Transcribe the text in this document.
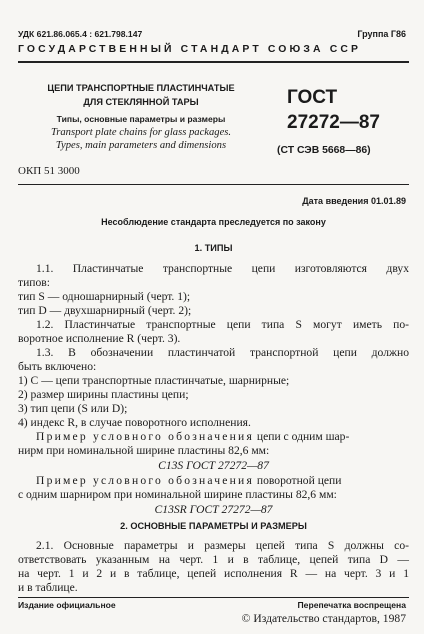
УДК 621.86.065.4 : 621.798.147	Группа Г86
ГОСУДАРСТВЕННЫЙ СТАНДАРТ СОЮЗА ССР
ЦЕПИ ТРАНСПОРТНЫЕ ПЛАСТИНЧАТЫЕ
ДЛЯ СТЕКЛЯННОЙ ТАРЫ
Типы, основные параметры и размеры
Transport plate chains for glass packages.
Types, main parameters and dimensions
ГОСТ
27272—87
(СТ СЭВ 5668—86)
ОКП 51 3000
Дата введения 01.01.89
Несоблюдение стандарта преследуется по закону
1. ТИПЫ
1.1. Пластинчатые транспортные цепи изготовляются двух
типов:
тип S — одношарнирный (черт. 1);
тип D — двухшарнирный (черт. 2);
1.2. Пластинчатые транспортные цепи типа S могут иметь по-
воротное исполнение R (черт. 3).
1.3. В обозначении пластинчатой транспортной цепи должно
быть включено:
1) C — цепи транспортные пластинчатые, шарнирные;
2) размер ширины пластины цепи;
3) тип цепи (S или D);
4) индекс R, в случае поворотного исполнения.
Пример условного обозначения цепи с одним шар-
нирм при номинальной ширине пластины 82,6 мм:
C13S ГОСТ 27272—87
Пример условного обозначения поворотной цепи
с одним шарниром при номинальной ширине пластины 82,6 мм:
C13SR ГОСТ 27272—87
2. ОСНОВНЫЕ ПАРАМЕТРЫ И РАЗМЕРЫ
2.1. Основные параметры и размеры цепей типа S должны со-
ответствовать указанным на черт. 1 и в таблице, цепей типа D —
на черт. 1 и 2 и в таблице, цепей исполнения R — на черт. 3 и 1
и в таблице.
Издание официальное	Перепечатка воспрещена
© Издательство стандартов, 1987
